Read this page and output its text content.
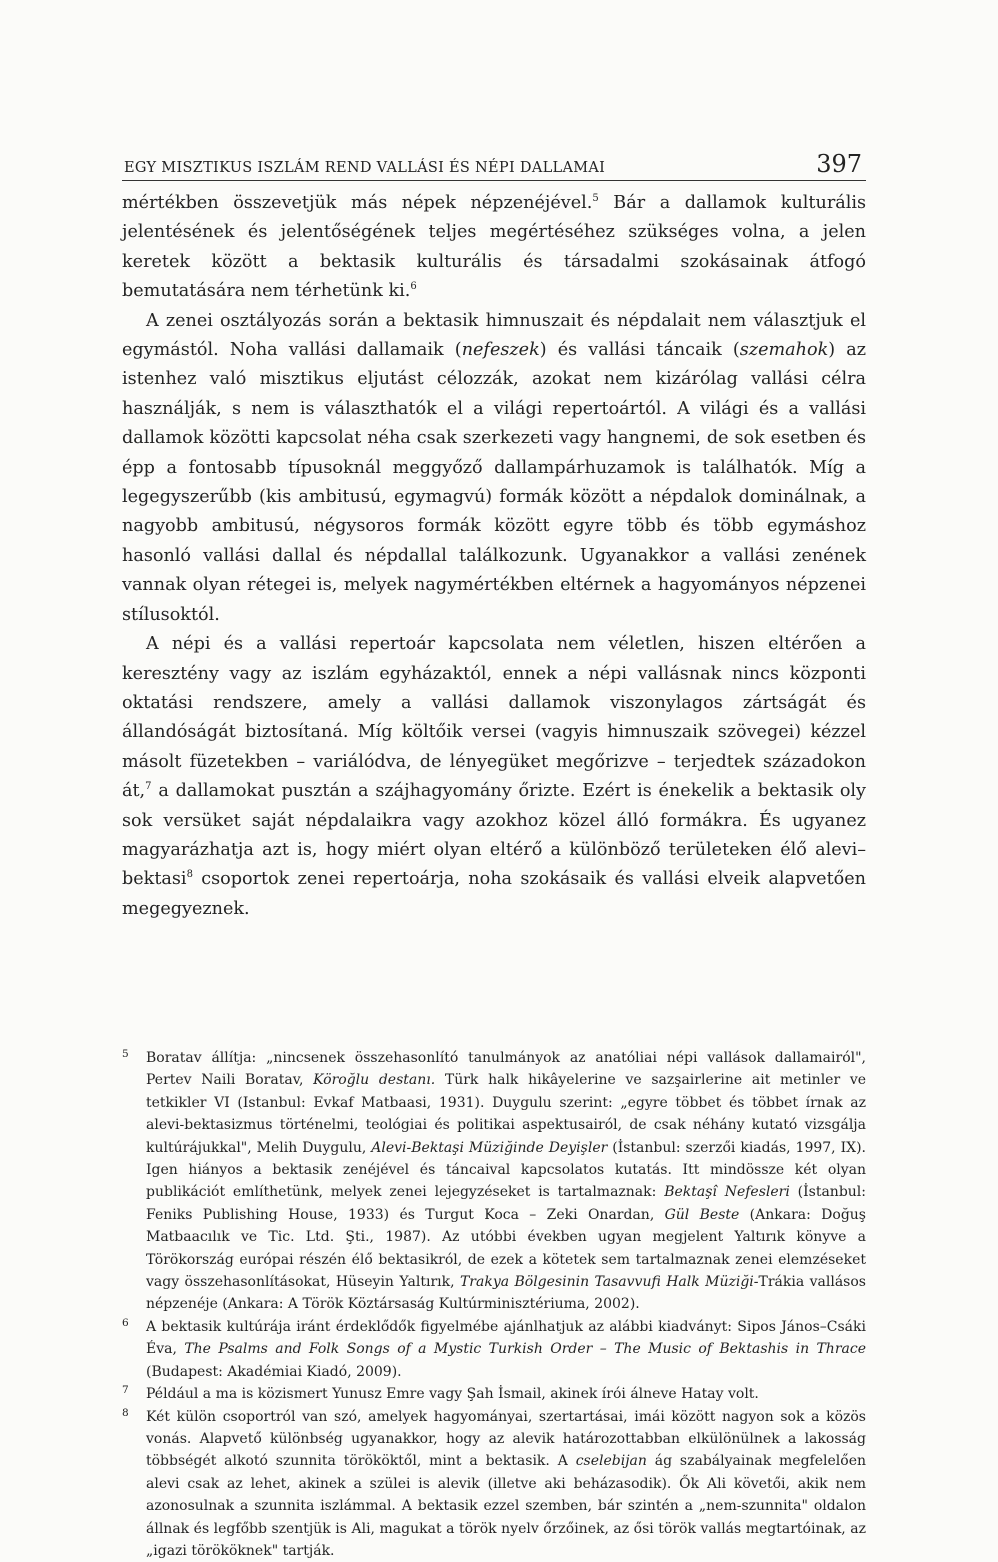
EGY MISZTIKUS ISZLÁM REND VALLÁSI ÉS NÉPI DALLAMAI	397

mértékben összevetjük más népek népzenéjével.$^5$ Bár a dallamok kulturális jelentésének és jelentőségének teljes megértéséhez szükséges volna, a jelen keretek között a bektasik kulturális és társadalmi szokásainak átfogó bemutatására nem térhetünk ki.$^6$

A zenei osztályozás során a bektasik himnuszait és népdalait nem választjuk el egymástól. Noha vallási dallamaik (nefeszek) és vallási táncaik (szemahok) az istenhez való misztikus eljutást célozzák, azokat nem kizárólag vallási célra használják, s nem is választhatók el a világi repertoártól. A világi és a vallási dallamok közötti kapcsolat néha csak szerkezeti vagy hangnemi, de sok esetben és épp a fontosabb típusoknál meggyőző dallampárhuzamok is találhatók. Míg a legegyszerűbb (kis ambitusú, egymagvú) formák között a népdalok dominálnak, a nagyobb ambitusú, négysoros formák között egyre több és több egymáshoz hasonló vallási dallal és népdallal találkozunk. Ugyanakkor a vallási zenének vannak olyan rétegei is, melyek nagymértékben eltérnek a hagyományos népzenei stílusoktól.

A népi és a vallási repertoár kapcsolata nem véletlen, hiszen eltérően a keresztény vagy az iszlám egyházaktól, ennek a népi vallásnak nincs központi oktatási rendszere, amely a vallási dallamok viszonylagos zártságát és állandóságát biztosítaná. Míg költőik versei (vagyis himnuszaik szövegei) kézzel másolt füzetekben – variálódva, de lényegüket megőrizve – terjedtek századokon át,$^7$ a dallamokat pusztán a szájhagyomány őrizte. Ezért is énekelik a bektasik oly sok versüket saját népdalaikra vagy azokhoz közel álló formákra. És ugyanez magyarázhatja azt is, hogy miért olyan eltérő a különböző területeken élő alevi–bektasi$^8$ csoportok zenei repertoárja, noha szokásaik és vallási elveik alapvetően megegyeznek.

5 Boratav állítja: „nincsenek összehasonlító tanulmányok az anatóliai népi vallások dallamairól", Pertev Naili Boratav, Köroğlu destanı. Türk halk hikâyelerine ve sazşairlerine ait metinler ve tetkikler VI (Istanbul: Evkaf Matbaasi, 1931). Duygulu szerint: „egyre többet és többet írnak az alevi-bektasizmus történelmi, teológiai és politikai aspektusairól, de csak néhány kutató vizsgálja kultúrájukkal", Melih Duygulu, Alevi-Bektaşi Müziğinde Deyişler (İstanbul: szerzői kiadás, 1997, IX). Igen hiányos a bektasik zenéjével és táncaival kapcsolatos kutatás. Itt mindössze két olyan publikációt említhetünk, melyek zenei lejegyzéseket is tartalmaznak: Bektaşî Nefesleri (İstanbul: Feniks Publishing House, 1933) és Turgut Koca – Zeki Onardan, Gül Beste (Ankara: Doğuş Matbaacılık ve Tic. Ltd. Şti., 1987). Az utóbbi években ugyan megjelent Yaltırık könyve a Törökország európai részén élő bektasikról, de ezek a kötetek sem tartalmaznak zenei elemzéseket vagy összehasonlításokat, Hüseyin Yaltırık, Trakya Bölgesinin Tasavvufi Halk Müziği-Trákia vallásos népzenéje (Ankara: A Török Köztársaság Kultúrminisztériuma, 2002).

6 A bektasik kultúrája iránt érdeklődők figyelmébe ajánlhatjuk az alábbi kiadványt: Sipos János–Csáki Éva, The Psalms and Folk Songs of a Mystic Turkish Order – The Music of Bektashis in Thrace (Budapest: Akadémiai Kiadó, 2009).

7 Például a ma is közismert Yunusz Emre vagy Şah İsmail, akinek írói álneve Hatay volt.

8 Két külön csoportról van szó, amelyek hagyományai, szertartásai, imái között nagyon sok a közös vonás. Alapvető különbség ugyanakkor, hogy az alevik határozottabban elkülönülnek a lakosság többségét alkotó szunnita törököktől, mint a bektasik. A cselebijan ág szabályainak megfelelően alevi csak az lehet, akinek a szülei is alevik (illetve aki beházasodik). Ők Ali követői, akik nem azonosulnak a szunnita iszlámmal. A bektasik ezzel szemben, bár szintén a „nem-szunnita" oldalon állnak és legfőbb szentjük is Ali, magukat a török nyelv őrzőinek, az ősi török vallás megtartóinak, az „igazi törököknek" tartják.
